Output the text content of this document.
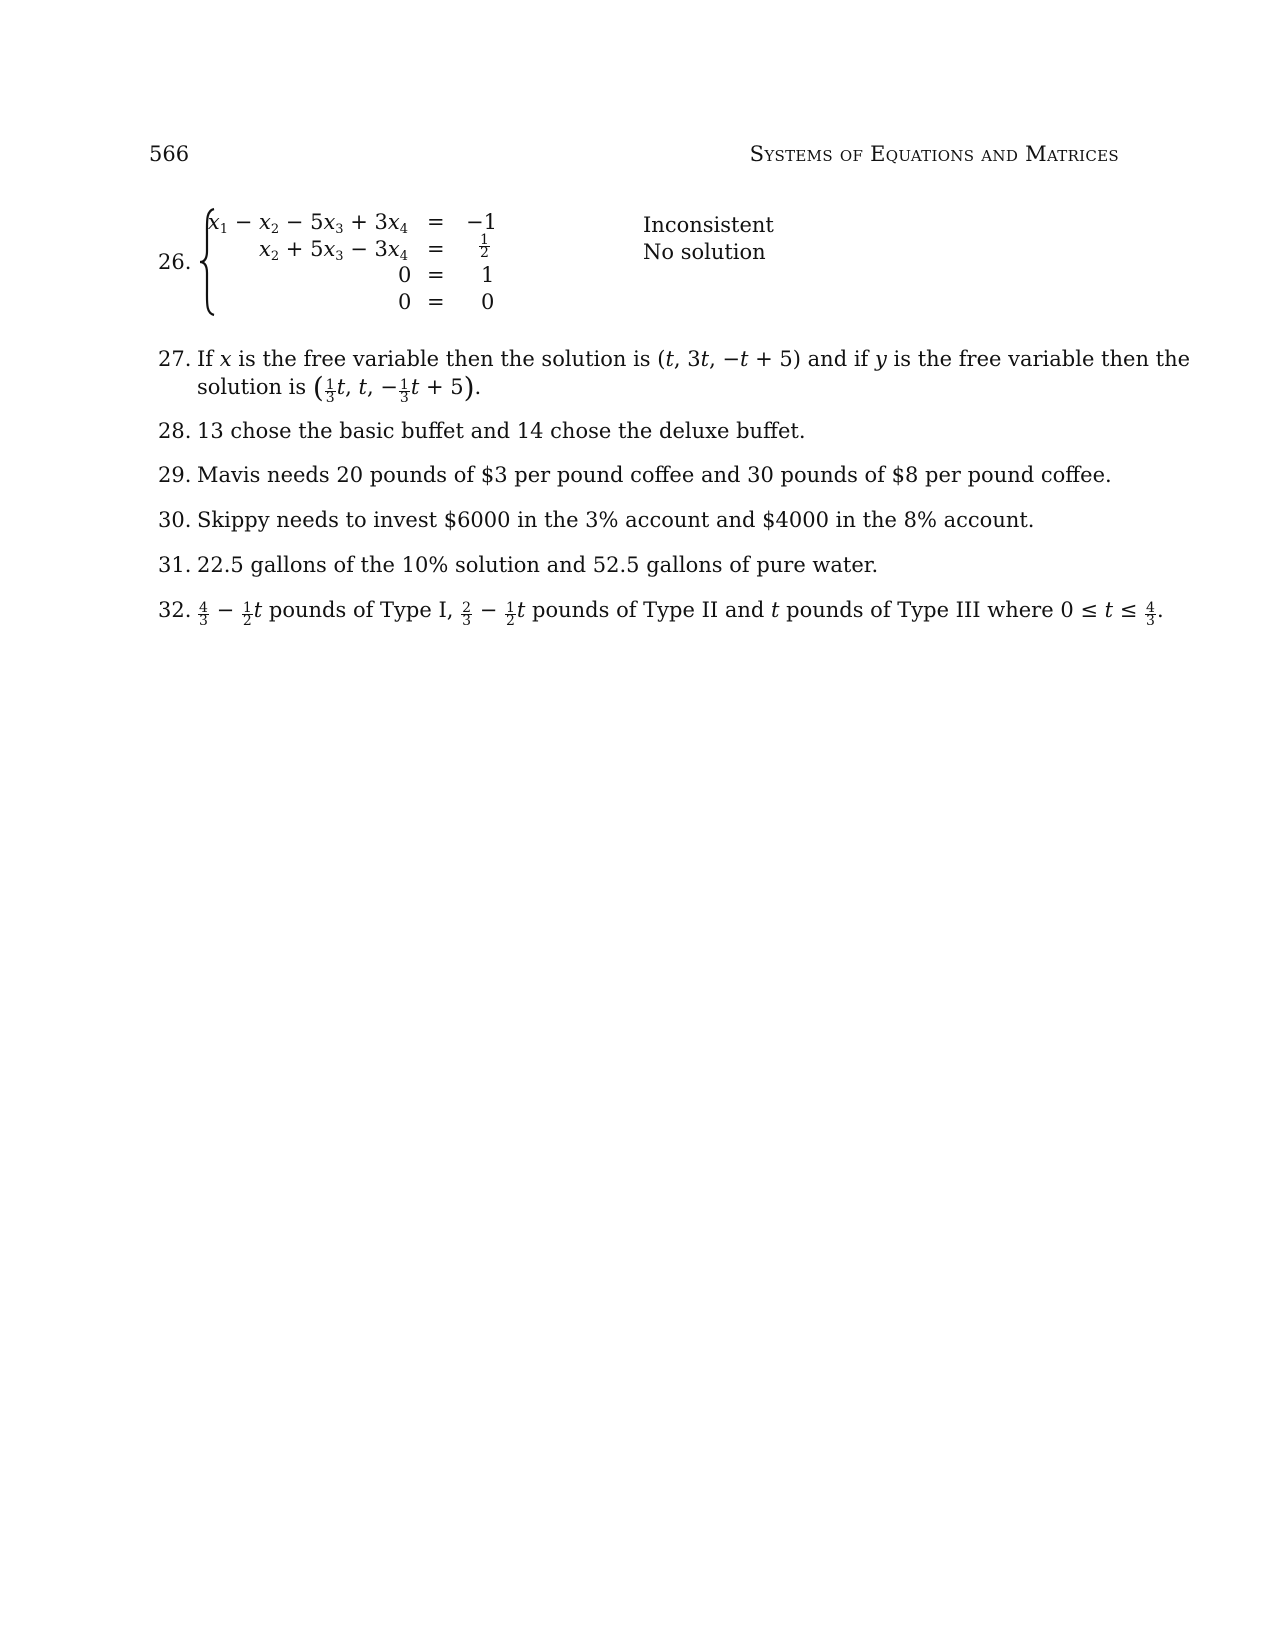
566	Systems of Equations and Matrices
26.
$x_1 - x_2 - 5x_3 + 3x_4 = -1$
$x_2 + 5x_3 - 3x_4 = \frac{1}{2}$
0 = 1
0 = 0
Inconsistent
No solution
27. If x is the free variable then the solution is (t, 3t, −t + 5) and if y is the free variable then the
solution is ( $\frac{1}{3} t$, t, − $\frac{1}{3}$ t + 5).
28. 13 chose the basic buffet and 14 chose the deluxe buffet.
29. Mavis needs 20 pounds of $3 per pound coffee and 30 pounds of $8 per pound coffee.
30. Skippy needs to invest $6000 in the 3% account and $4000 in the 8% account.
31. 22.5 gallons of the 10% solution and 52.5 gallons of pure water.
32. $\frac{4}{3} - \frac{1}{2}$ t pounds of Type I, $\frac{2}{3} - \frac{1}{2}$ t pounds of Type II and t pounds of Type III where $0 \le t \le \frac{4}{3}$ .
